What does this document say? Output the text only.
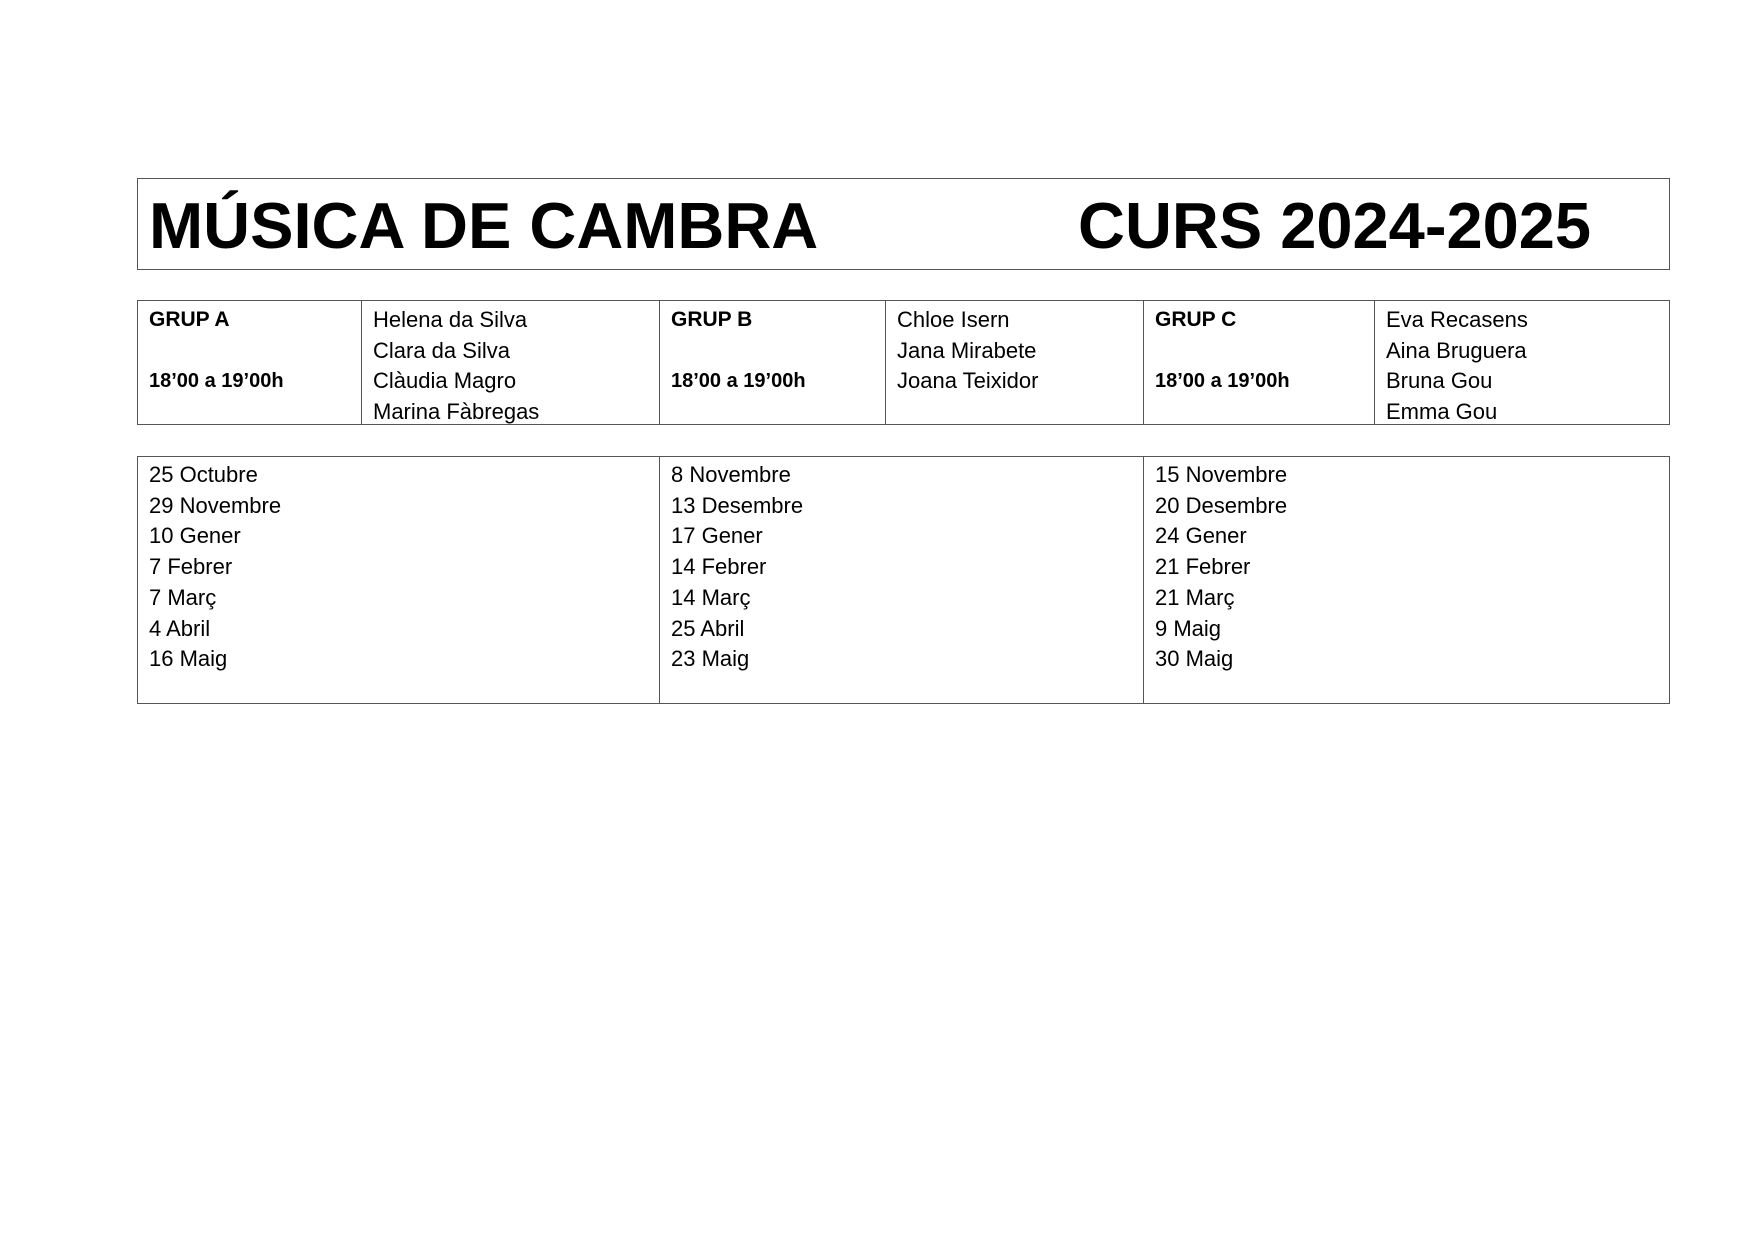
MÚSICA DE CAMBRA	CURS 2024-2025
GRUP A
18’00 a 19’00h
Helena da Silva
Clara da Silva
Clàudia Magro
Marina Fàbregas
GRUP B
18’00 a 19’00h
Chloe Isern
Jana Mirabete
Joana Teixidor
GRUP C
18’00 a 19’00h
Eva Recasens
Aina Bruguera
Bruna Gou
Emma Gou
25 Octubre
29 Novembre
10 Gener
7 Febrer
7 Març
4 Abril
16 Maig
8 Novembre
13 Desembre
17 Gener
14 Febrer
14 Març
25 Abril
23 Maig
15 Novembre
20 Desembre
24 Gener
21 Febrer
21 Març
9 Maig
30 Maig
